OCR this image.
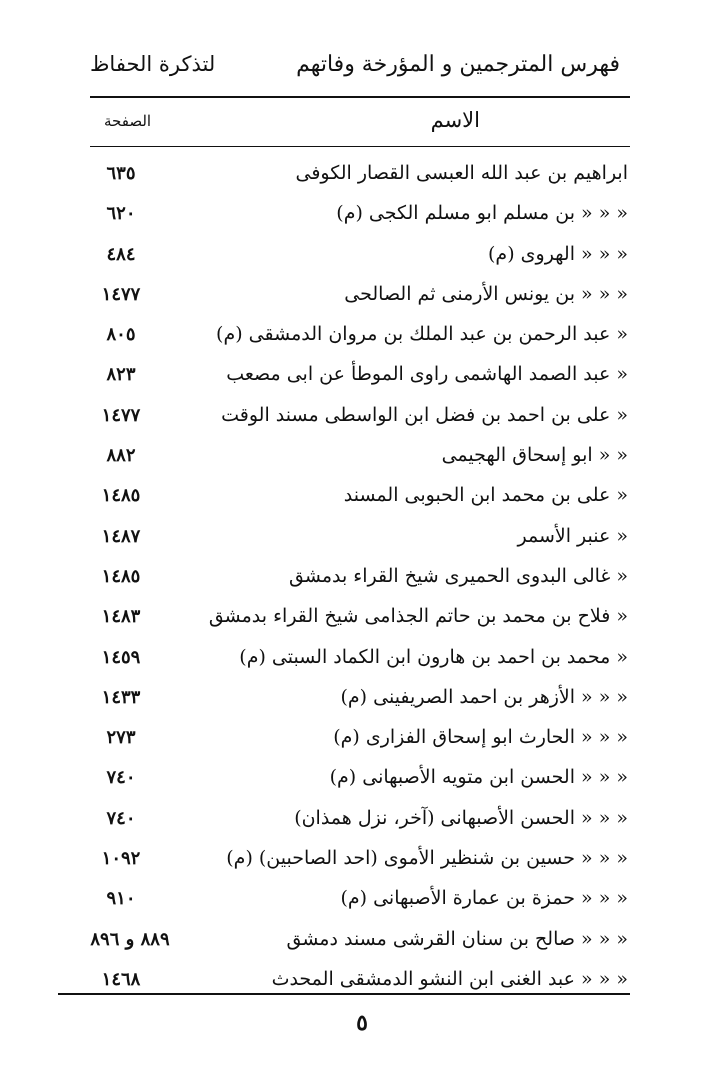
فهرس المترجمين و المؤرخة وفاتهم
لتذكرة الحفاظ
الاسم
الصفحة
ابراهيم بن عبد الله العبسى القصار الكوفى
٦٣٥
« « « بن مسلم ابو مسلم الكجى (م)
٦٢٠
« « « الهروى (م)
٤٨٤
« « « بن يونس الأرمنى ثم الصالحى
١٤٧٧
« عبد الرحمن بن عبد الملك بن مروان الدمشقى (م)
٨٠٥
« عبد الصمد الهاشمى راوى الموطأ عن ابى مصعب
٨٢٣
« على بن احمد بن فضل ابن الواسطى مسند الوقت
١٤٧٧
« « ابو إسحاق الهجيمى
٨٨٢
« على بن محمد ابن الحبوبى المسند
١٤٨٥
« عنبر الأسمر
١٤٨٧
« غالى البدوى الحميرى شيخ القراء بدمشق
١٤٨٥
« فلاح بن محمد بن حاتم الجذامى شيخ القراء بدمشق
١٤٨٣
« محمد بن احمد بن هارون ابن الكماد السبتى (م)
١٤٥٩
« « « الأزهر بن احمد الصريفينى (م)
١٤٣٣
« « « الحارث ابو إسحاق الفزارى (م)
٢٧٣
« « « الحسن ابن متويه الأصبهانى (م)
٧٤٠
« « « الحسن الأصبهانى (آخر، نزل همذان)
٧٤٠
« « « حسين بن شنظير الأموى (احد الصاحبين) (م)
١٠٩٢
« « « حمزة بن عمارة الأصبهانى (م)
٩١٠
« « « صالح بن سنان القرشى مسند دمشق
٨٨٩ و ٨٩٦
« « « عبد الغنى ابن النشو الدمشقى المحدث
١٤٦٨
٥
